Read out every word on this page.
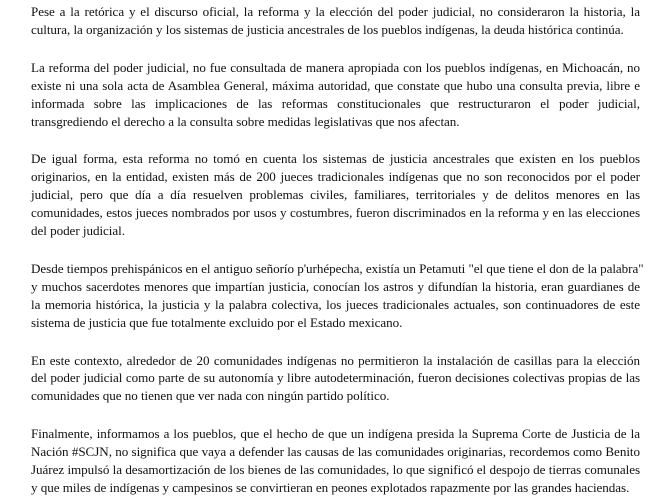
Pese a la retórica y el discurso oficial, la reforma y la elección del poder judicial, no consideraron la historia, la
cultura, la organización y los sistemas de justicia ancestrales de los pueblos indígenas, la deuda histórica continúa.
La reforma del poder judicial, no fue consultada de manera apropiada con los pueblos indígenas, en Michoacán, no
existe ni una sola acta de Asamblea General, máxima autoridad, que constate que hubo una consulta previa, libre e
informada sobre las implicaciones de las reformas constitucionales que restructuraron el poder judicial,
transgrediendo el derecho a la consulta sobre medidas legislativas que nos afectan.
De igual forma, esta reforma no tomó en cuenta los sistemas de justicia ancestrales que existen en los pueblos
originarios, en la entidad, existen más de 200 jueces tradicionales indígenas que no son reconocidos por el poder
judicial, pero que día a día resuelven problemas civiles, familiares, territoriales y de delitos menores en las
comunidades, estos jueces nombrados por usos y costumbres, fueron discriminados en la reforma y en las elecciones
del poder judicial.
Desde tiempos prehispánicos en el antiguo señorío p'urhépecha, existía un Petamuti "el que tiene el don de la palabra"
y muchos sacerdotes menores que impartían justicia, conocían los astros y difundían la historia, eran guardianes de
la memoria histórica, la justicia y la palabra colectiva, los jueces tradicionales actuales, son continuadores de este
sistema de justicia que fue totalmente excluido por el Estado mexicano.
En este contexto, alrededor de 20 comunidades indígenas no permitieron la instalación de casillas para la elección
del poder judicial como parte de su autonomía y libre autodeterminación, fueron decisiones colectivas propias de las
comunidades que no tienen que ver nada con ningún partido político.
Finalmente, informamos a los pueblos, que el hecho de que un indígena presida la Suprema Corte de Justicia de la
Nación #SCJN, no significa que vaya a defender las causas de las comunidades originarias, recordemos como Benito
Juárez impulsó la desamortización de los bienes de las comunidades, lo que significó el despojo de tierras comunales
y que miles de indígenas y campesinos se convirtieran en peones explotados rapazmente por las grandes haciendas.
